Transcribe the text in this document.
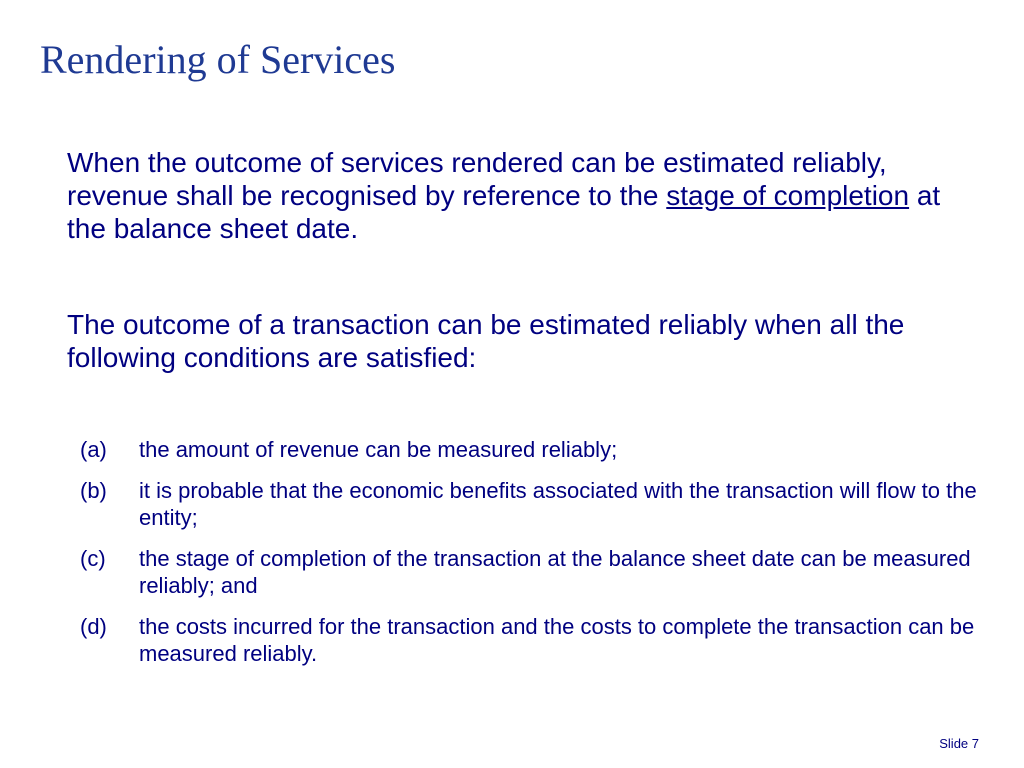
Rendering of Services
When the outcome of services rendered can be estimated reliably, revenue shall be recognised by reference to the stage of completion at the balance sheet date.
The outcome of a transaction can be estimated reliably when all the following conditions are satisfied:
(a)	the amount of revenue can be measured reliably;
(b)	it is probable that the economic benefits associated with the transaction will flow to the entity;
(c)	the stage of completion of the transaction at the balance sheet date can be measured reliably; and
(d)	the costs incurred for the transaction and the costs to complete the transaction can be measured reliably.
Slide 7
